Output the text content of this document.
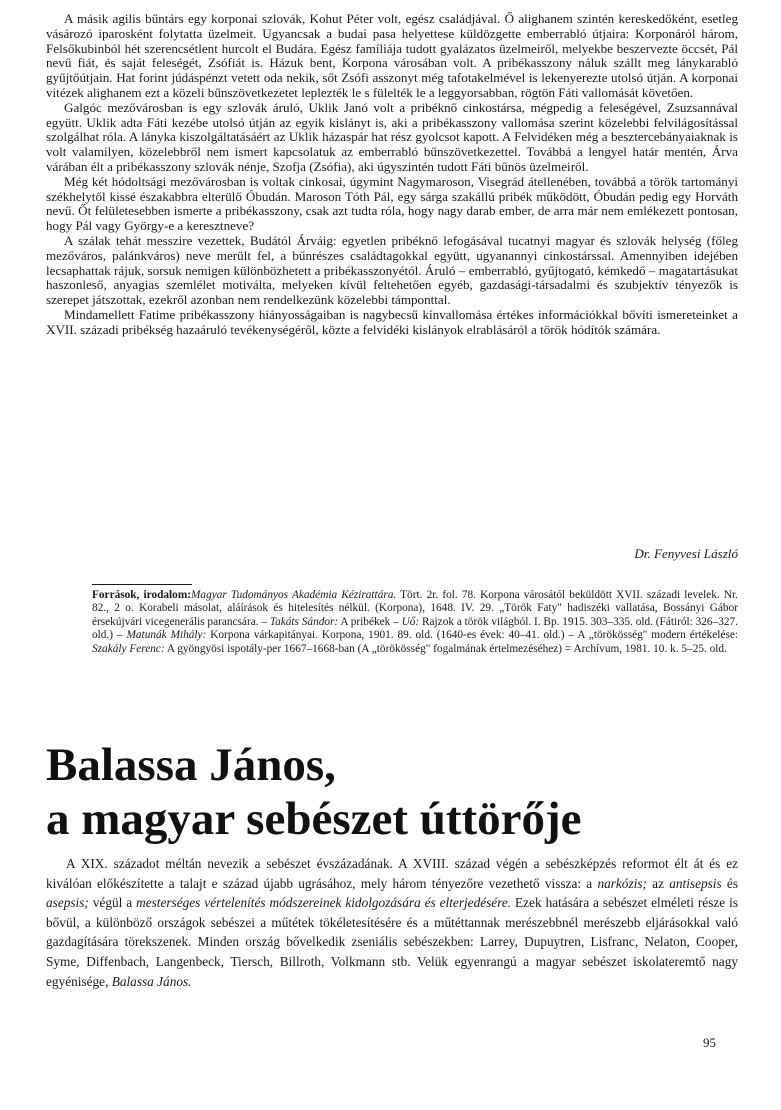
A másik agilis bűntárs egy korponai szlovák, Kohut Péter volt, egész családjával. Ő alighanem szintén kereskedőként, esetleg vásározó iparosként folytatta üzelmeit. Ugyancsak a budai pasa helyettese küldözgette emberrabló útjaira: Korponáról három, Felsőkubinból hét szerencsétlent hurcolt el Budára. Egész famíliája tudott gyalázatos üzelmeiről, melyekbe beszervezte öccsét, Pál nevű fiát, és saját feleségét, Zsófiát is. Házuk bent, Korpona városában volt. A pribékasszony náluk szállt meg lánykarabló gyűjtőútjain. Hat forint júdáspénzt vetett oda nekik, sőt Zsófi asszonyt még tafotakelmével is lekenyerezte utolsó útján. A korponai vitézek alighanem ezt a közeli bűnszövetkezetet leplezték le s fülelték le a leggyorsabban, rögtön Fáti vallomását követően.

Galgóc mezővárosban is egy szlovák áruló, Uklik Janó volt a pribéknő cinkostársa, mégpedig a feleségével, Zsuzsannával együtt. Uklik adta Fáti kezébe utolsó útján az egyik kislányt is, aki a pribékasszony vallomása szerint közelebbi felvilágosítással szolgálhat róla. A lányka kiszolgáltatásáért az Uklik házaspár hat rész gyolcsot kapott. A Felvidéken még a besztercebányaiaknak is volt valamilyen, közelebbről nem ismert kapcsolatuk az emberrabló bűnszövetkezettel. Továbbá a lengyel határ mentén, Árva várában élt a pribékasszony szlovák nénje, Szofja (Zsófia), aki úgyszintén tudott Fáti bűnös üzelmeiről.

Még két hódoltsági mezővárosban is voltak cinkosai, úgymint Nagymaroson, Visegrád átellenében, továbbá a török tartományi székhelytől kissé északabbra elterülő Óbudán. Maroson Tóth Pál, egy sárga szakállú pribék működött, Óbudán pedig egy Horváth nevű. Őt felületesebben ismerte a pribékasszony, csak azt tudta róla, hogy nagy darab ember, de arra már nem emlékezett pontosan, hogy Pál vagy György-e a keresztneve?

A szálak tehát messzire vezettek, Budától Árváig: egyetlen pribéknő lefogásával tucatnyi magyar és szlovák helység (főleg mezőváros, palánkváros) neve merült fel, a bűnrészes családtagokkal együtt, ugyanannyi cinkostárssal. Amennyiben idejében lecsaphattak rájuk, sorsuk nemigen különbözhetett a pribékasszonyétól. Áruló – emberrabló, gyűjtogató, kémkedő – magatartásukat haszonleső, anyagias szemlélet motiválta, melyeken kívül feltehetően egyéb, gazdasági-társadalmi és szubjektív tényezők is szerepet játszottak, ezekről azonban nem rendelkezünk közelebbi támponttal.

Mindamellett Fatime pribékasszony hiányosságaiban is nagybecsű kínvallomása értékes információkkal bővíti ismereteinket a XVII. századi pribékség hazaáruló tevékenységéről, közte a felvidéki kislányok elrablásáról a török hódítók számára.

Dr. Fenyvesi László
Források, irodalom:Magyar Tudományos Akadémia Kézirattára. Tört. 2r. fol. 78. Korpona városától beküldött XVII. századi levelek. Nr. 82., 2 o. Korabeli másolat, aláírások és hitelesítés nélkül. (Korpona), 1648. IV. 29. „Török Faty" hadiszéki vallatása, Bossányi Gábor érsekújvári vicegenerális parancsára. – Takáts Sándor: A pribékek – Uő: Rajzok a török világból. I. Bp. 1915. 303–335. old. (Fátiról: 326–327. old.) – Matunák Mihály: Korpona várkapitányai. Korpona, 1901. 89. old. (1640-es évek: 40–41. old.) – A „törökösség" modern értékelése: Szakály Ferenc: A gyöngyösi ispotály-per 1667–1668-ban (A „törökösség" fogalmának értelmezéséhez) = Archívum, 1981. 10. k. 5–25. old.
Balassa János,
a magyar sebészet úttörője

A XIX. századot méltán nevezik a sebészet évszázadának. A XVIII. század végén a sebészképzés reformot élt át és ez kiválóan előkészítette a talajt e század újabb ugrásához, mely három tényezőre vezethető vissza: a narkózis; az antisepsis és asepsis; végül a mesterséges vértelenítés módszereinek kidolgozására és elterjedésére. Ezek hatására a sebészet elméleti része is bővül, a különböző országok sebészei a műtétek tökéletesítésére és a műtéttannak merészebbnél merészebb eljárásokkal való gazdagítására törekszenek. Minden ország bővelkedik zseniális sebészekben: Larrey, Dupuytren, Lisfranc, Nelaton, Cooper, Syme, Diffenbach, Langenbeck, Tiersch, Billroth, Volkmann stb. Velük egyenrangú a magyar sebészet iskolateremtő nagy egyénisége, Balassa János.

95
